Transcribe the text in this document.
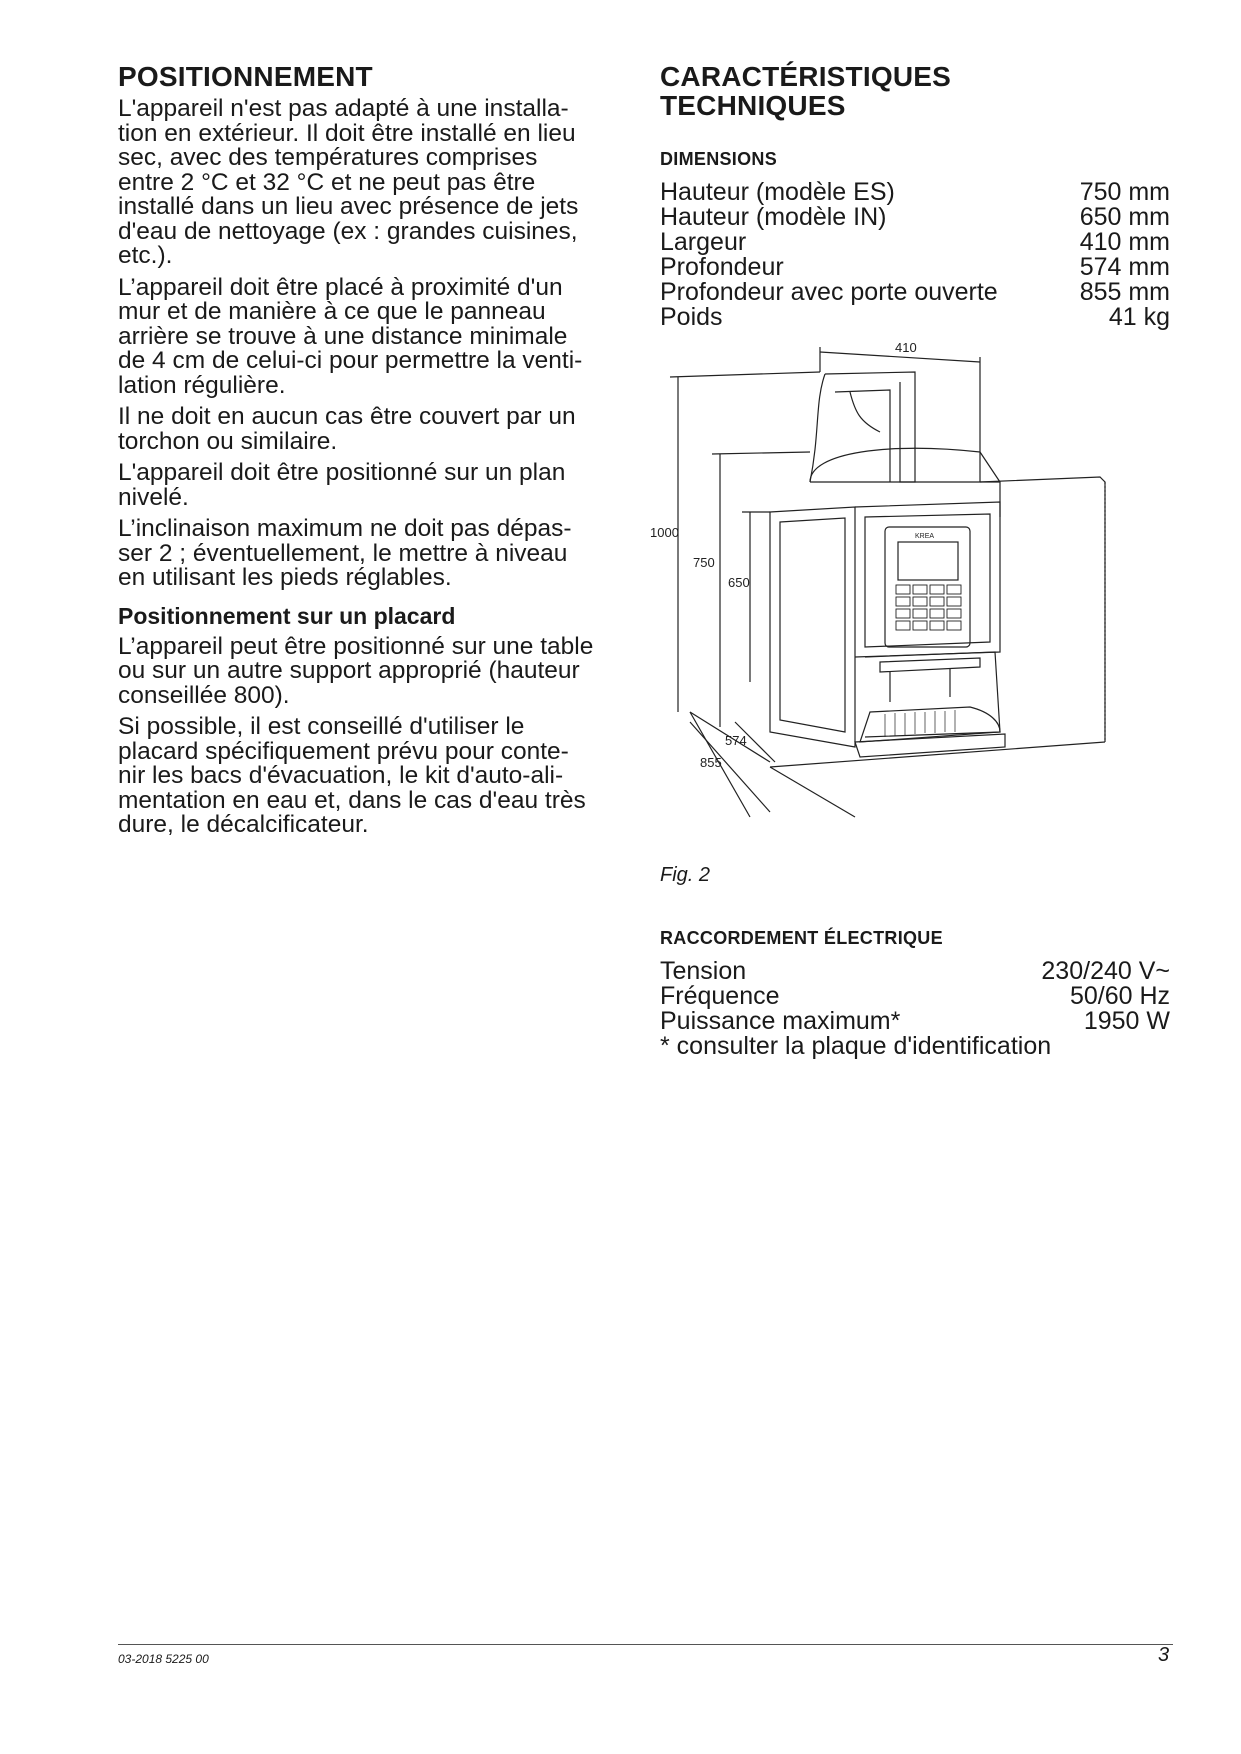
POSITIONNEMENT

L'appareil n'est pas adapté à une installa-
tion en extérieur. Il doit être installé en lieu
sec, avec des températures comprises
entre 2 °C et 32 °C et ne peut pas être
installé dans un lieu avec présence de jets
d'eau de nettoyage (ex : grandes cuisines,
etc.).

L’appareil doit être placé à proximité d'un
mur et de manière à ce que le panneau
arrière se trouve à une distance minimale
de 4 cm de celui-ci pour permettre la venti-
lation régulière.

Il ne doit en aucun cas être couvert par un
torchon ou similaire.

L'appareil doit être positionné sur un plan
nivelé.

L’inclinaison maximum ne doit pas dépas-
ser 2 ; éventuellement, le mettre à niveau
en utilisant les pieds réglables.

Positionnement sur un placard

L’appareil peut être positionné sur une table
ou sur un autre support approprié (hauteur
conseillée 800).

Si possible, il est conseillé d'utiliser le
placard spécifiquement prévu pour conte-
nir les bacs d'évacuation, le kit d'auto-ali-
mentation en eau et, dans le cas d'eau très
dure, le décalcificateur.

CARACTÉRISTIQUES
TECHNIQUES
DIMENSIONS
Hauteur (modèle ES)	750 mm
Hauteur (modèle IN)	650 mm
Largeur	410 mm
Profondeur	574 mm
Profondeur avec porte ouverte	855 mm
Poids	41 kg
410
1000
750
650
574
855
KREA
Fig. 2
RACCORDEMENT ÉLECTRIQUE
Tension	230/240 V~
Fréquence	50/60 Hz
Puissance maximum*	1950 W
* consulter la plaque d'identification
03-2018 5225 00	3
